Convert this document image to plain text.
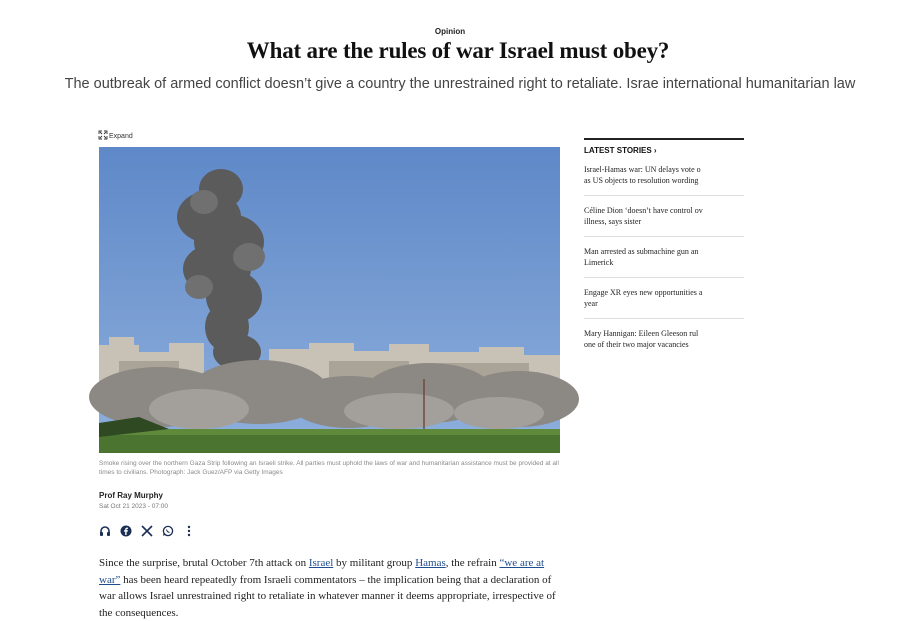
Opinion
What are the rules of war Israel must obey?
The outbreak of armed conflict doesn’t give a country the unrestrained right to retaliate. Israe international humanitarian law
Expand
Smoke rising over the northern Gaza Strip following an Israeli strike. All parties must uphold the laws of war and humanitarian assistance must be provided at all times to civilians. Photograph: Jack Guez/AFP via Getty Images
Prof Ray Murphy
Sat Oct 21 2023 - 07:00
Since the surprise, brutal October 7th attack on Israel by militant group Hamas, the refrain “we are at war” has been heard repeatedly from Israeli commentators – the implication being that a declaration of war allows Israel unrestrained right to retaliate in whatever manner it deems appropriate, irrespective of the consequences.
LATEST STORIES ›
Israel-Hamas war: UN delays vote o
as US objects to resolution wording
Céline Dion ‘doesn’t have control ov
illness, says sister
Man arrested as submachine gun an
Limerick
Engage XR eyes new opportunities a
year
Mary Hannigan: Eileen Gleeson rul
one of their two major vacancies
